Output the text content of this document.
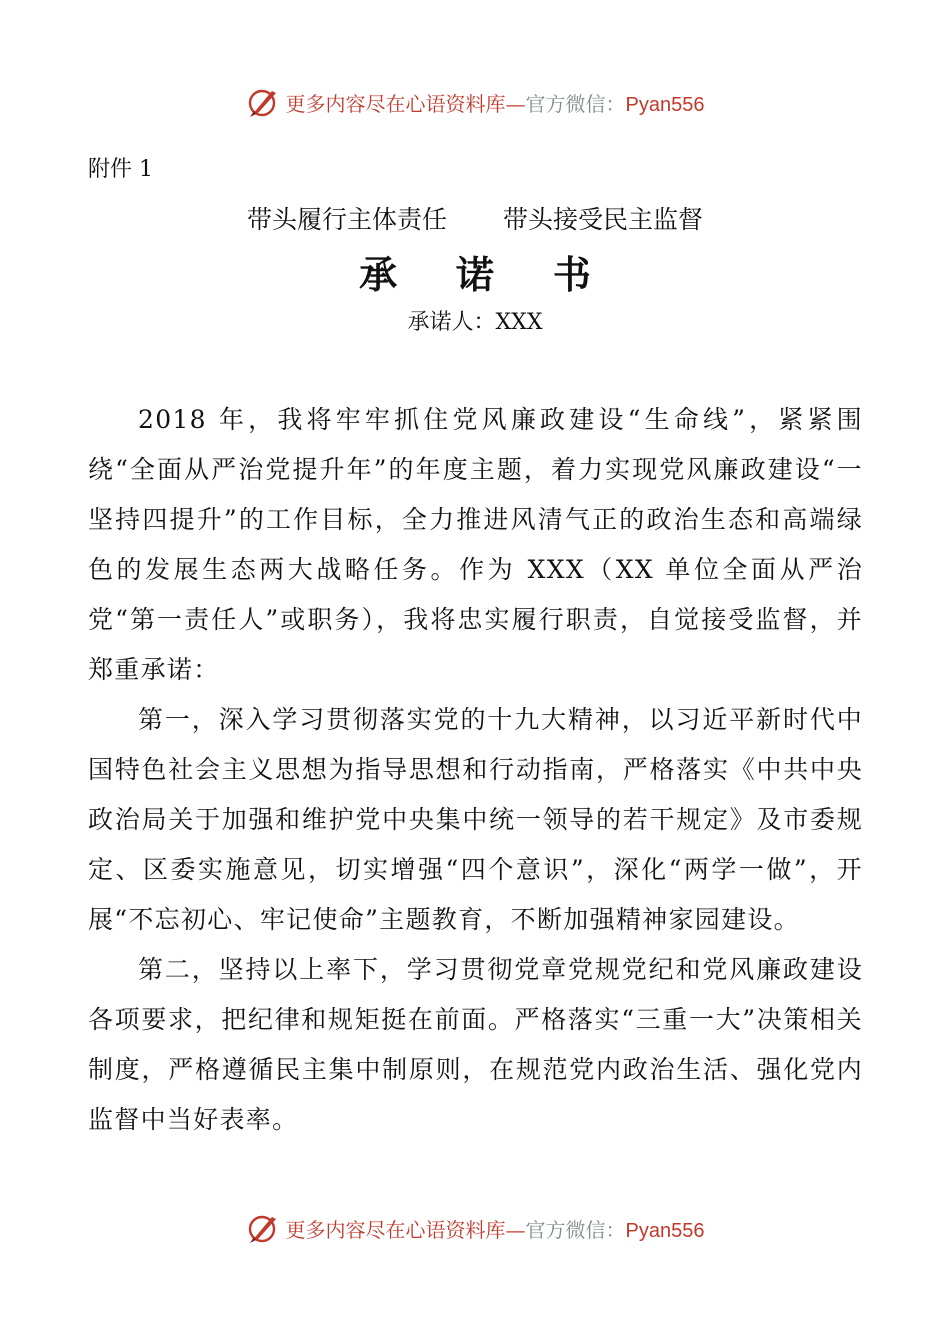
更多内容尽在心语资料库—官方微信：Pyan556
附件 1
带头履行主体责任 带头接受民主监督
承诺书
承诺人：XXX

2018 年，我将牢牢抓住党风廉政建设“生命线”，紧紧围绕“全面从严治党提升年”的年度主题，着力实现党风廉政建设“一坚持四提升”的工作目标，全力推进风清气正的政治生态和高端绿色的发展生态两大战略任务。作为 XXX（XX 单位全面从严治党“第一责任人”或职务），我将忠实履行职责，自觉接受监督，并郑重承诺：

第一，深入学习贯彻落实党的十九大精神，以习近平新时代中国特色社会主义思想为指导思想和行动指南，严格落实《中共中央政治局关于加强和维护党中央集中统一领导的若干规定》及市委规定、区委实施意见，切实增强“四个意识”，深化“两学一做”，开展“不忘初心、牢记使命”主题教育，不断加强精神家园建设。

第二，坚持以上率下，学习贯彻党章党规党纪和党风廉政建设各项要求，把纪律和规矩挺在前面。严格落实“三重一大”决策相关制度，严格遵循民主集中制原则，在规范党内政治生活、强化党内监督中当好表率。

更多内容尽在心语资料库—官方微信：Pyan556
